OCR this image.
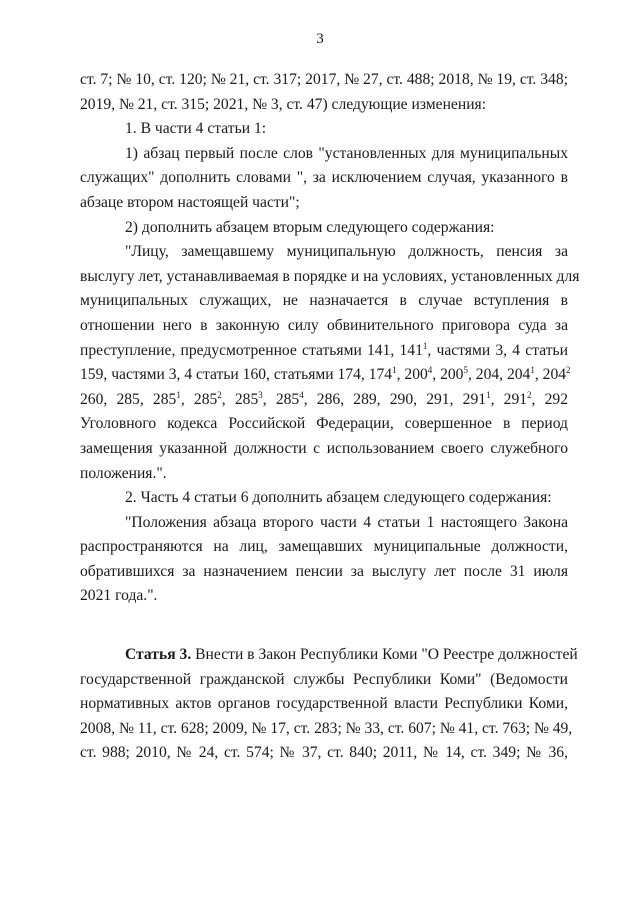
3
ст. 7; № 10, ст. 120; № 21, ст. 317; 2017, № 27, ст. 488; 2018, № 19, ст. 348;
2019, № 21, ст. 315; 2021, № 3, ст. 47) следующие изменения:
1. В части 4 статьи 1:
1) абзац первый после слов "установленных для муниципальных
служащих" дополнить словами ", за исключением случая, указанного в
абзаце втором настоящей части";
2) дополнить абзацем вторым следующего содержания:
"Лицу, замещавшему муниципальную должность, пенсия за
выслугу лет, устанавливаемая в порядке и на условиях, установленных для
муниципальных служащих, не назначается в случае вступления в
отношении него в законную силу обвинительного приговора суда за
преступление, предусмотренное статьями 141, $141^1$, частями 3, 4 статьи
159, частями 3, 4 статьи 160, статьями 174, $174^1$, $200^4$, $200^5$, 204, $204^1$, $204^2$
260, 285, $285^1$, $285^2$, $285^3$, $285^4$, 286, 289, 290, 291, $291^1$, $291^2$, 292
Уголовного кодекса Российской Федерации, совершенное в период
замещения указанной должности с использованием своего служебного
положения.".
2. Часть 4 статьи 6 дополнить абзацем следующего содержания:
"Положения абзаца второго части 4 статьи 1 настоящего Закона
распространяются на лиц, замещавших муниципальные должности,
обратившихся за назначением пенсии за выслугу лет после 31 июля
2021 года.".
Статья 3. Внести в Закон Республики Коми "О Реестре должностей
государственной гражданской службы Республики Коми" (Ведомости
нормативных актов органов государственной власти Республики Коми,
2008, № 11, ст. 628; 2009, № 17, ст. 283; № 33, ст. 607; № 41, ст. 763; № 49,
ст. 988; 2010, № 24, ст. 574; № 37, ст. 840; 2011, № 14, ст. 349; № 36,
